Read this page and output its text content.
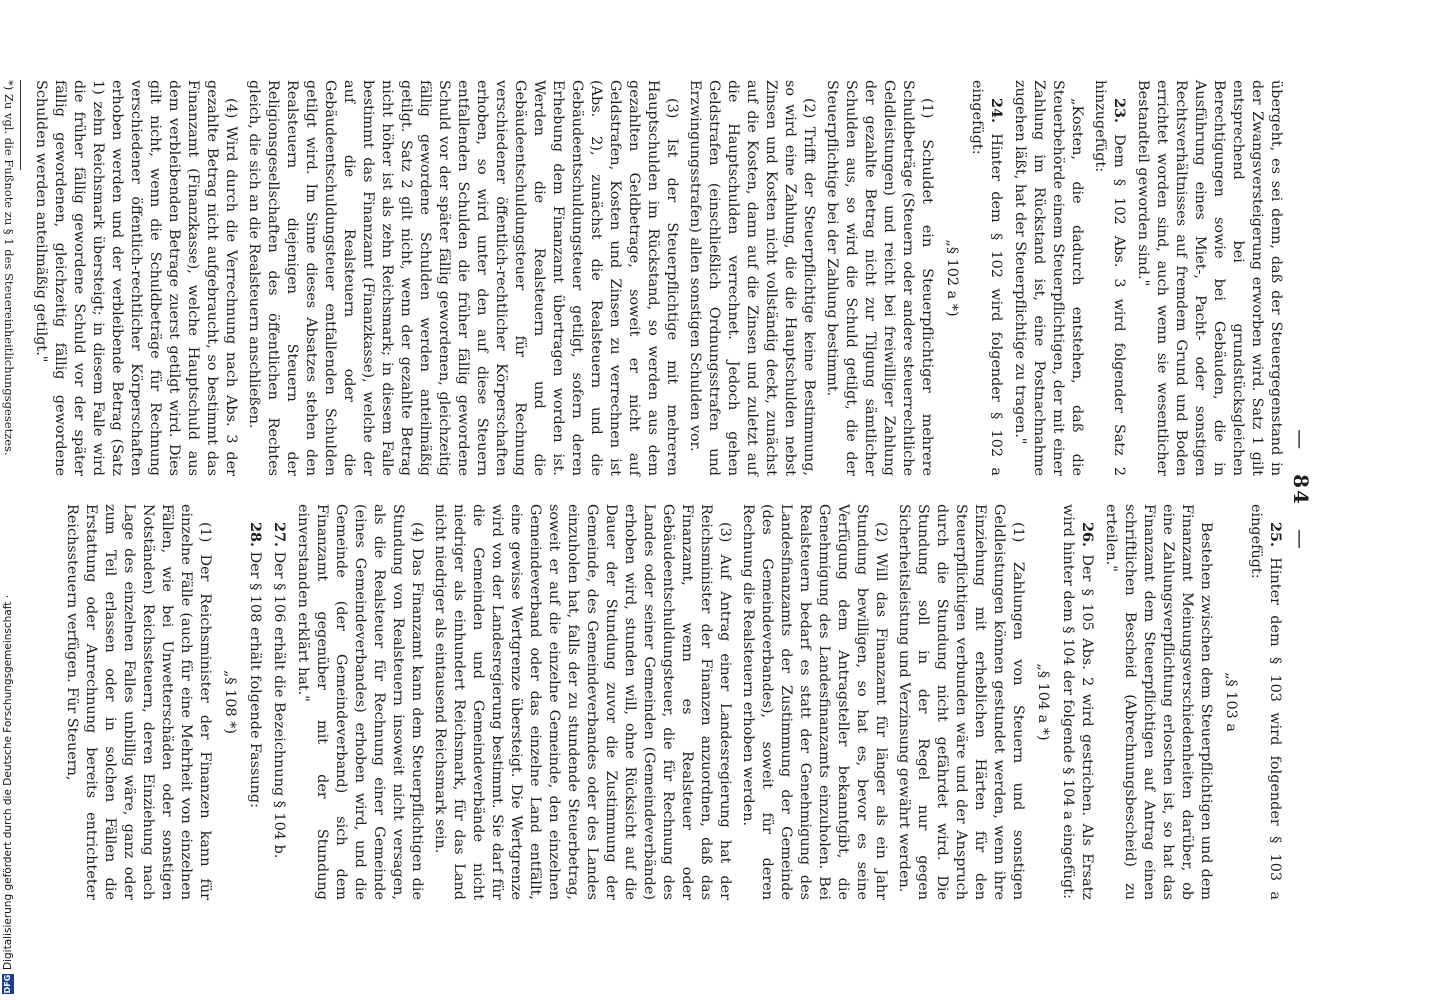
— 84 —

übergeht, es sei denn, daß der Steuergegenstand in der Zwangsversteigerung erworben wird. Satz 1 gilt entsprechend bei grundstücksgleichen Berechtigungen sowie bei Gebäuden, die in Ausführung eines Miet-, Pacht- oder sonstigen Rechtsverhältnisses auf fremdem Grund und Boden errichtet worden sind, auch wenn sie wesentlicher Bestandteil geworden sind."

23. Dem § 102 Abs. 3 wird folgender Satz 2 hinzugefügt:

„Kosten, die dadurch entstehen, daß die Steuerbehörde einem Steuerpflichtigen, der mit einer Zahlung im Rückstand ist, eine Postnachnahme zugehen läßt, hat der Steuerpflichtige zu tragen."

24. Hinter dem § 102 wird folgender § 102 a eingefügt:

„§ 102 a *)

(1) Schuldet ein Steuerpflichtiger mehrere Schuldbeträge (Steuern oder andere steuerrechtliche Geldleistungen) und reicht bei freiwilliger Zahlung der gezahlte Betrag nicht zur Tilgung sämtlicher Schulden aus, so wird die Schuld getilgt, die der Steuerpflichtige bei der Zahlung bestimmt.

(2) Trifft der Steuerpflichtige keine Bestimmung, so wird eine Zahlung, die die Hauptschulden nebst Zinsen und Kosten nicht vollständig deckt, zunächst auf die Kosten, dann auf die Zinsen und zuletzt auf die Hauptschulden verrechnet. Jedoch gehen Geldstrafen (einschließlich Ordnungsstrafen und Erzwingungsstrafen) allen sonstigen Schulden vor.

(3) Ist der Steuerpflichtige mit mehreren Hauptschulden im Rückstand, so werden aus dem gezahlten Geldbetrage, soweit er nicht auf Geldstrafen, Kosten und Zinsen zu verrechnen ist (Abs. 2), zunächst die Realsteuern und die Gebäudeentschuldungsteuer getilgt, sofern deren Erhebung dem Finanzamt übertragen worden ist. Werden die Realsteuern und die Gebäudeentschuldungsteuer für Rechnung verschiedener öffentlich-rechtlicher Körperschaften erhoben, so wird unter den auf diese Steuern entfallenden Schulden die früher fällig gewordene Schuld vor der später fällig gewordenen, gleichzeitig fällig gewordene Schulden werden anteilmäßig getilgt. Satz 2 gilt nicht, wenn der gezahlte Betrag nicht höher ist als zehn Reichsmark; in diesem Falle bestimmt das Finanzamt (Finanzkasse), welche der auf die Realsteuern oder die Gebäudeentschuldungsteuer entfallenden Schulden getilgt wird. Im Sinne dieses Absatzes stehen den Realsteuern diejenigen Steuern der Religionsgesellschaften des öffentlichen Rechtes gleich, die sich an die Realsteuern anschließen.

(4) Wird durch die Verrechnung nach Abs. 3 der gezahlte Betrag nicht aufgebraucht, so bestimmt das Finanzamt (Finanzkasse), welche Hauptschuld aus dem verbleibenden Betrage zuerst getilgt wird. Dies gilt nicht, wenn die Schuldbeträge für Rechnung verschiedener öffentlich-rechtlicher Körperschaften erhoben werden und der verbleibende Betrag (Satz 1) zehn Reichsmark übersteigt; in diesem Falle wird die früher fällig gewordene Schuld vor der später fällig gewordenen, gleichzeitig fällig gewordene Schulden werden anteilmäßig getilgt."

*) Zu vgl. die Fußnote zu § 1 des Steuereinheitlichungsgesetzes.

25. Hinter dem § 103 wird folgender § 103 a eingefügt:

„§ 103 a

Bestehen zwischen dem Steuerpflichtigen und dem Finanzamt Meinungsverschiedenheiten darüber, ob eine Zahlungsverpflichtung erloschen ist, so hat das Finanzamt dem Steuerpflichtigen auf Antrag einen schriftlichen Bescheid (Abrechnungsbescheid) zu erteilen."

26. Der § 105 Abs. 2 wird gestrichen. Als Ersatz wird hinter dem § 104 der folgende § 104 a eingefügt:

„§ 104 a *)

(1) Zahlungen von Steuern und sonstigen Geldleistungen können gestundet werden, wenn ihre Einziehung mit erheblichen Härten für den Steuerpflichtigen verbunden wäre und der Anspruch durch die Stundung nicht gefährdet wird. Die Stundung soll in der Regel nur gegen Sicherheitsleistung und Verzinsung gewährt werden.

(2) Will das Finanzamt für länger als ein Jahr Stundung bewilligen, so hat es, bevor es seine Verfügung dem Antragsteller bekanntgibt, die Genehmigung des Landesfinanzamts einzuholen. Bei Realsteuern bedarf es statt der Genehmigung des Landesfinanzamts der Zustimmung der Gemeinde (des Gemeindeverbandes), soweit für deren Rechnung die Realsteuern erhoben werden.

(3) Auf Antrag einer Landesregierung hat der Reichsminister der Finanzen anzuordnen, daß das Finanzamt, wenn es Realsteuer oder Gebäudeentschuldungsteuer, die für Rechnung des Landes oder seiner Gemeinden (Gemeindeverbände) erhoben wird, stunden will, ohne Rücksicht auf die Dauer der Stundung zuvor die Zustimmung der Gemeinde, des Gemeindeverbandes oder des Landes einzuholen hat, falls der zu stundende Steuerbetrag, soweit er auf die einzelne Gemeinde, den einzelnen Gemeindeverband oder das einzelne Land entfällt, eine gewisse Wertgrenze übersteigt. Die Wertgrenze wird von der Landesregierung bestimmt. Sie darf für die Gemeinden und Gemeindeverbände nicht niedriger als einhundert Reichsmark, für das Land nicht niedriger als eintausend Reichsmark sein.

(4) Das Finanzamt kann dem Steuerpflichtigen die Stundung von Realsteuern insoweit nicht versagen, als die Realsteuer für Rechnung einer Gemeinde (eines Gemeindeverbandes) erhoben wird, und die Gemeinde (der Gemeindeverband) sich dem Finanzamt gegenüber mit der Stundung einverstanden erklärt hat."

27. Der § 106 erhält die Bezeichnung § 104 b.

28. Der § 108 erhält folgende Fassung:

„§ 108 *)

(1) Der Reichsminister der Finanzen kann für einzelne Fälle (auch für eine Mehrheit von einzelnen Fällen, wie bei Unwetterschäden oder sonstigen Notständen) Reichssteuern, deren Einziehung nach Lage des einzelnen Falles unbillig wäre, ganz oder zum Teil erlassen oder in solchen Fällen die Erstattung oder Anrechnung bereits entrichteter Reichssteuern verfügen. Für Steuern,

DFG
Digitalisierung gefördert durch die Deutsche Forschungsgemeinschaft ·
